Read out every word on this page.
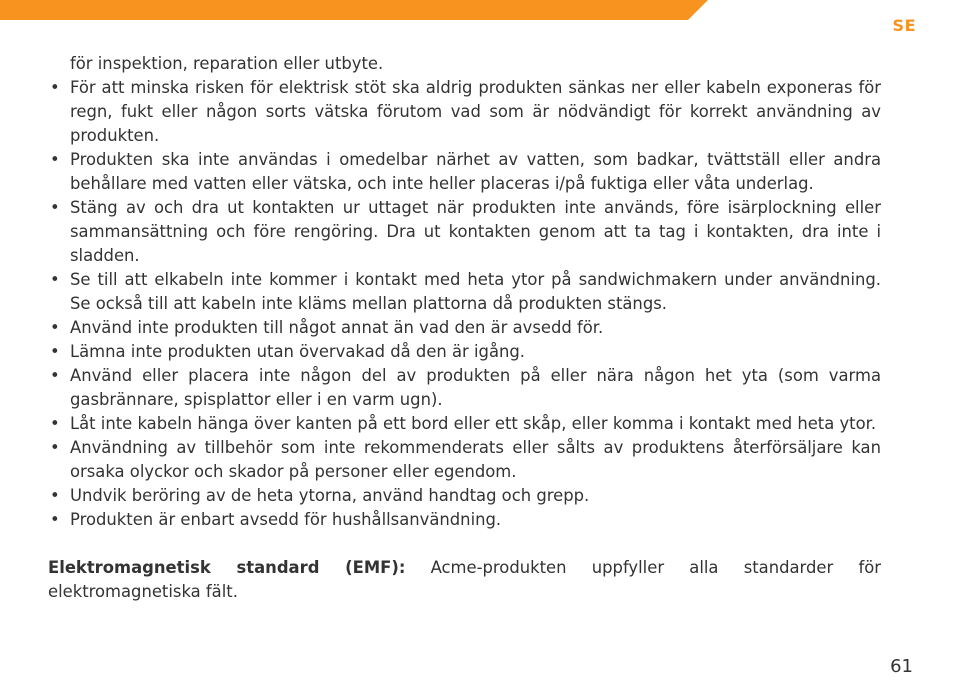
SE

för inspektion, reparation eller utbyte.

• För att minska risken för elektrisk stöt ska aldrig produkten sänkas ner eller kabeln exponeras för regn, fukt eller någon sorts vätska förutom vad som är nödvändigt för korrekt användning av produkten.
• Produkten ska inte användas i omedelbar närhet av vatten, som badkar, tvättställ eller andra behållare med vatten eller vätska, och inte heller placeras i/på fuktiga eller våta underlag.
• Stäng av och dra ut kontakten ur uttaget när produkten inte används, före isärplockning eller sammansättning och före rengöring. Dra ut kontakten genom att ta tag i kontakten, dra inte i sladden.
• Se till att elkabeln inte kommer i kontakt med heta ytor på sandwichmakern under användning. Se också till att kabeln inte kläms mellan plattorna då produkten stängs.
• Använd inte produkten till något annat än vad den är avsedd för.
• Lämna inte produkten utan övervakad då den är igång.
• Använd eller placera inte någon del av produkten på eller nära någon het yta (som varma gasbrännare, spisplattor eller i en varm ugn).
• Låt inte kabeln hänga över kanten på ett bord eller ett skåp, eller komma i kontakt med heta ytor.
• Användning av tillbehör som inte rekommenderats eller sålts av produktens återförsäljare kan orsaka olyckor och skador på personer eller egendom.
• Undvik beröring av de heta ytorna, använd handtag och grepp.
• Produkten är enbart avsedd för hushållsanvändning.

Elektromagnetisk standard (EMF): Acme-produkten uppfyller alla standarder för elektromagnetiska fält.

61
